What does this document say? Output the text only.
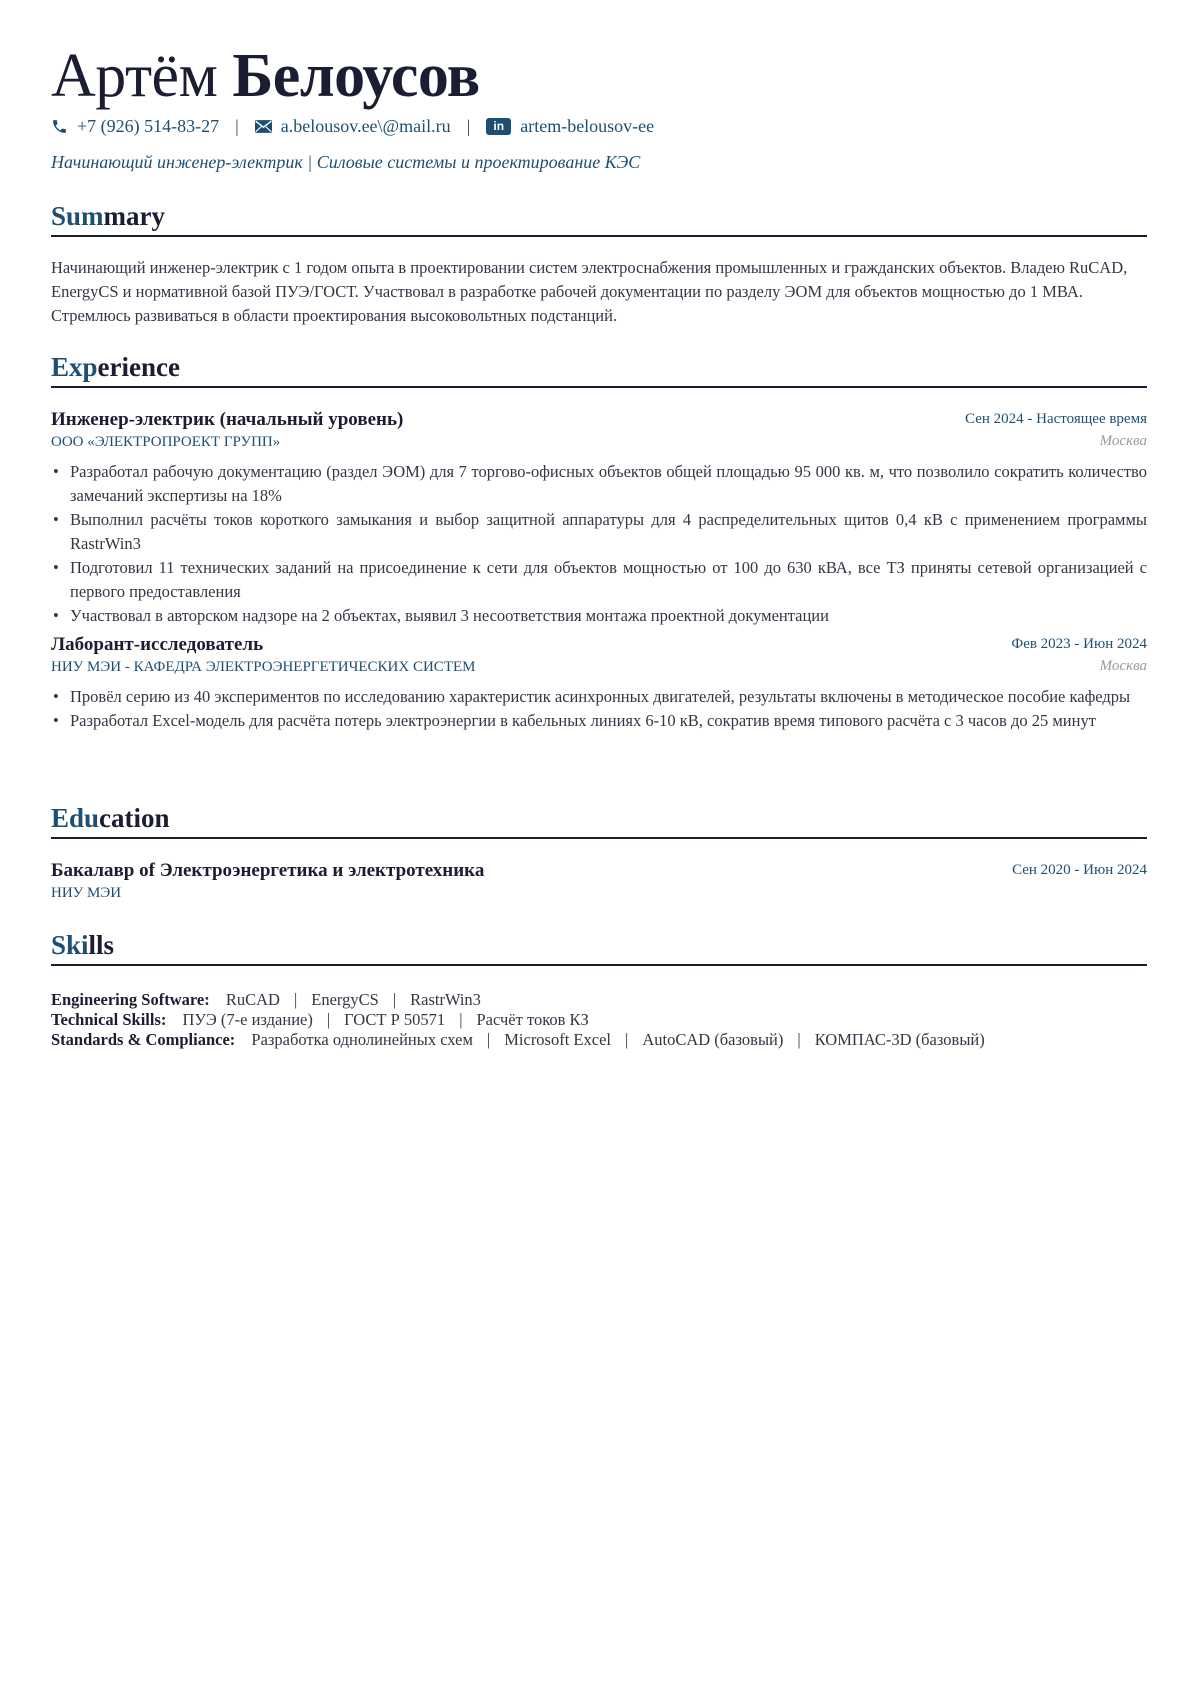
Артём Белоусов
+7 (926) 514-83-27 | a.belousov.ee\@mail.ru |	in artem-belousov-ee
Начинающий инженер-электрик | Силовые системы и проектирование КЭС
Summary
Начинающий инженер-электрик с 1 годом опыта в проектировании систем электроснабжения промышленных и гражданских объектов. Владею RuCAD, EnergyCS и нормативной базой ПУЭ/ГОСТ. Участвовал в разработке рабочей документации по разделу ЭОМ для объектов мощностью до 1 МВА. Стремлюсь развиваться в области проектирования высоковольтных подстанций.
Experience
Инженер-электрик (начальный уровень)	Сен 2024 - Настоящее время
ООО «ЭЛЕКТРОПРОЕКТ ГРУПП»	Москва
• Разработал рабочую документацию (раздел ЭОМ) для 7 торгово-офисных объектов общей площадью 95 000 кв. м, что позволило сократить количество замечаний экспертизы на 18%
• Выполнил расчёты токов короткого замыкания и выбор защитной аппаратуры для 4 распределительных щитов 0,4 кВ с применением программы RastrWin3
• Подготовил 11 технических заданий на присоединение к сети для объектов мощностью от 100 до 630 кВА, все ТЗ приняты сетевой организацией с первого предоставления
• Участвовал в авторском надзоре на 2 объектах, выявил 3 несоответствия монтажа проектной документации
Лаборант-исследователь	Фев 2023 - Июн 2024
НИУ МЭИ - КАФЕДРА ЭЛЕКТРОЭНЕРГЕТИЧЕСКИХ СИСТЕМ	Москва
• Провёл серию из 40 экспериментов по исследованию характеристик асинхронных двигателей, результаты включены в методическое пособие кафедры
• Разработал Excel-модель для расчёта потерь электроэнергии в кабельных линиях 6-10 кВ, сократив время типового расчёта с 3 часов до 25 минут
Education
Бакалавр of Электроэнергетика и электротехника	Сен 2020 - Июн 2024
НИУ МЭИ
Skills
Engineering Software: RuCAD | EnergyCS | RastrWin3
Technical Skills: ПУЭ (7-е издание) | ГОСТ Р 50571 | Расчёт токов КЗ
Standards & Compliance: Разработка однолинейных схем | Microsoft Excel | AutoCAD (базовый) | КОМПАС-3D (базовый)
